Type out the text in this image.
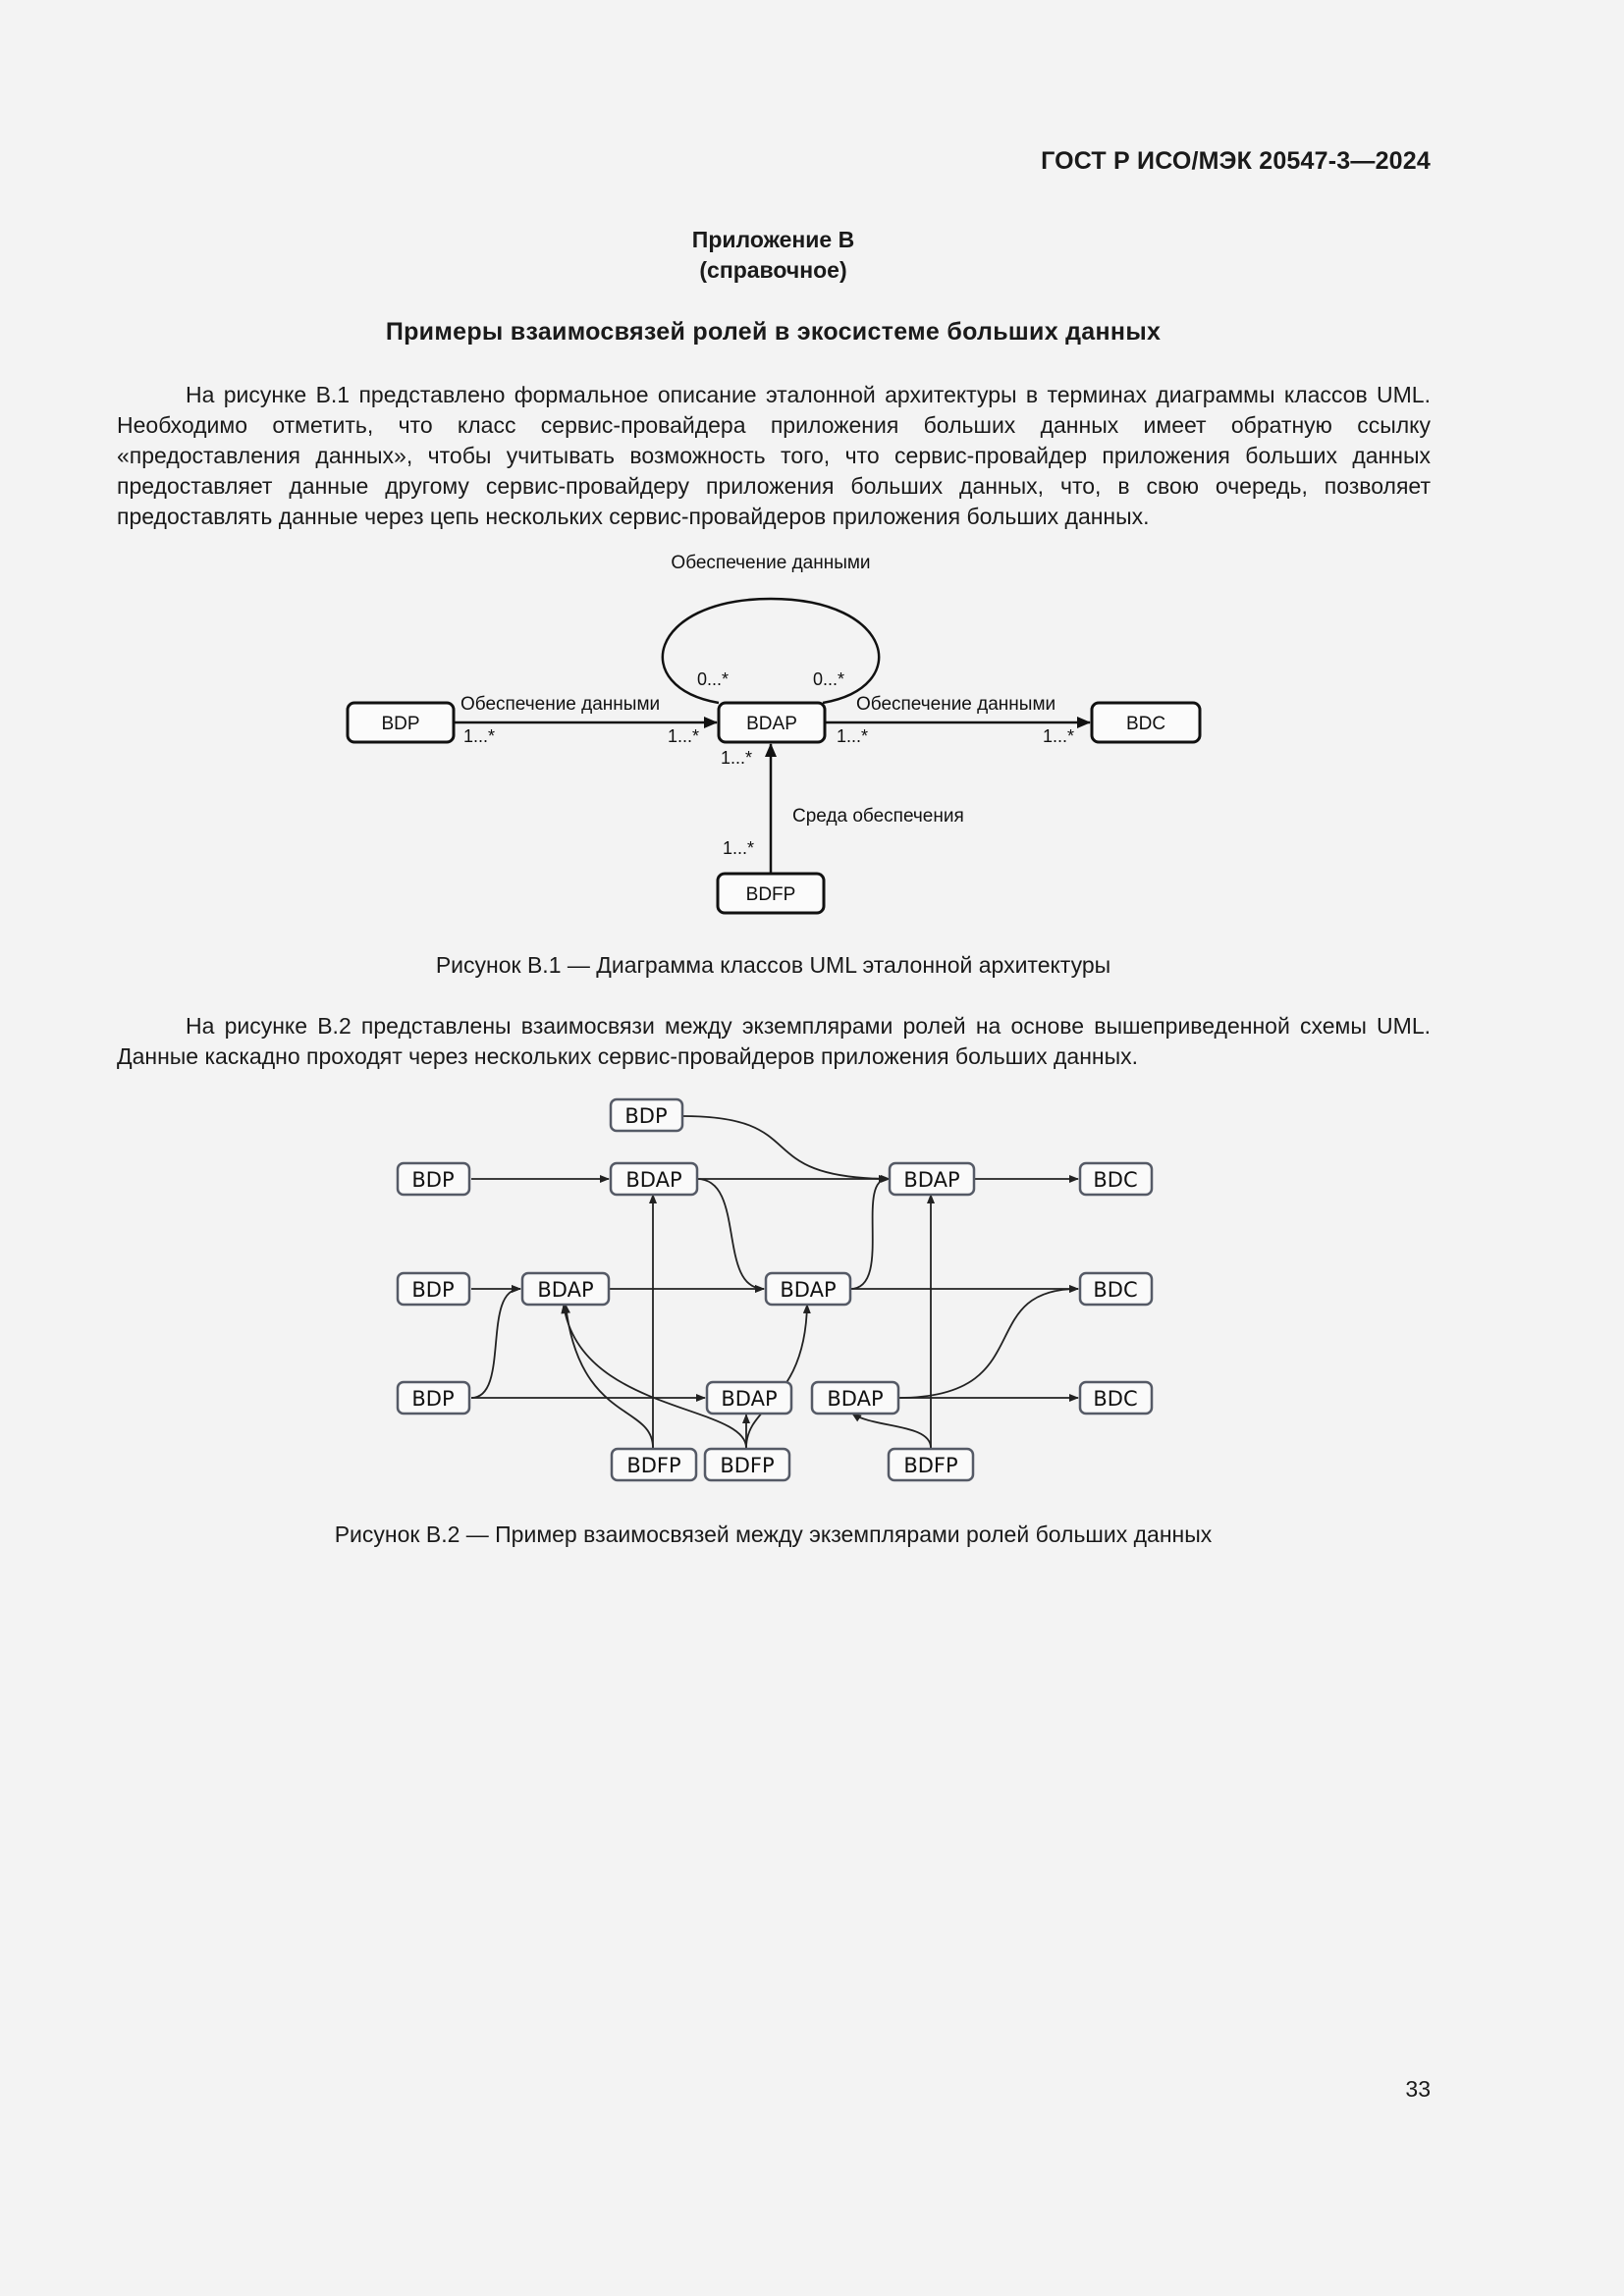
ГОСТ Р ИСО/МЭК 20547-3—2024
Приложение В
(справочное)
Примеры взаимосвязей ролей в экосистеме больших данных

На рисунке В.1 представлено формальное описание эталонной архитектуры в терминах диаграммы классов UML. Необходимо отметить, что класс сервис-провайдера приложения больших данных имеет обратную ссылку «предоставления данных», чтобы учитывать возможность того, что сервис-провайдер приложения больших данных предоставляет данные другому сервис-провайдеру приложения больших данных, что, в свою очередь, позволяет предоставлять данные через цепь нескольких сервис-провайдеров приложения больших данных.

Обеспечение данными
BDP	BDAP	BDC
BDFP
Обеспечение данными	Обеспечение данными
Среда обеспечения
0...*	0...*
1...*	1...*	1...*	1...*
1...*
1...*
Рисунок В.1 — Диаграмма классов UML эталонной архитектуры

На рисунке В.2 представлены взаимосвязи между экземплярами ролей на основе вышеприведенной схемы UML. Данные каскадно проходят через нескольких сервис-провайдеров приложения больших данных.

BDP
BDP	BDAP	BDAP	BDC
BDP	BDAP	BDAP	BDC
BDP	BDAP BDAP	BDC
BDFP BDFP	BDFP
Рисунок В.2 — Пример взаимосвязей между экземплярами ролей больших данных
33
